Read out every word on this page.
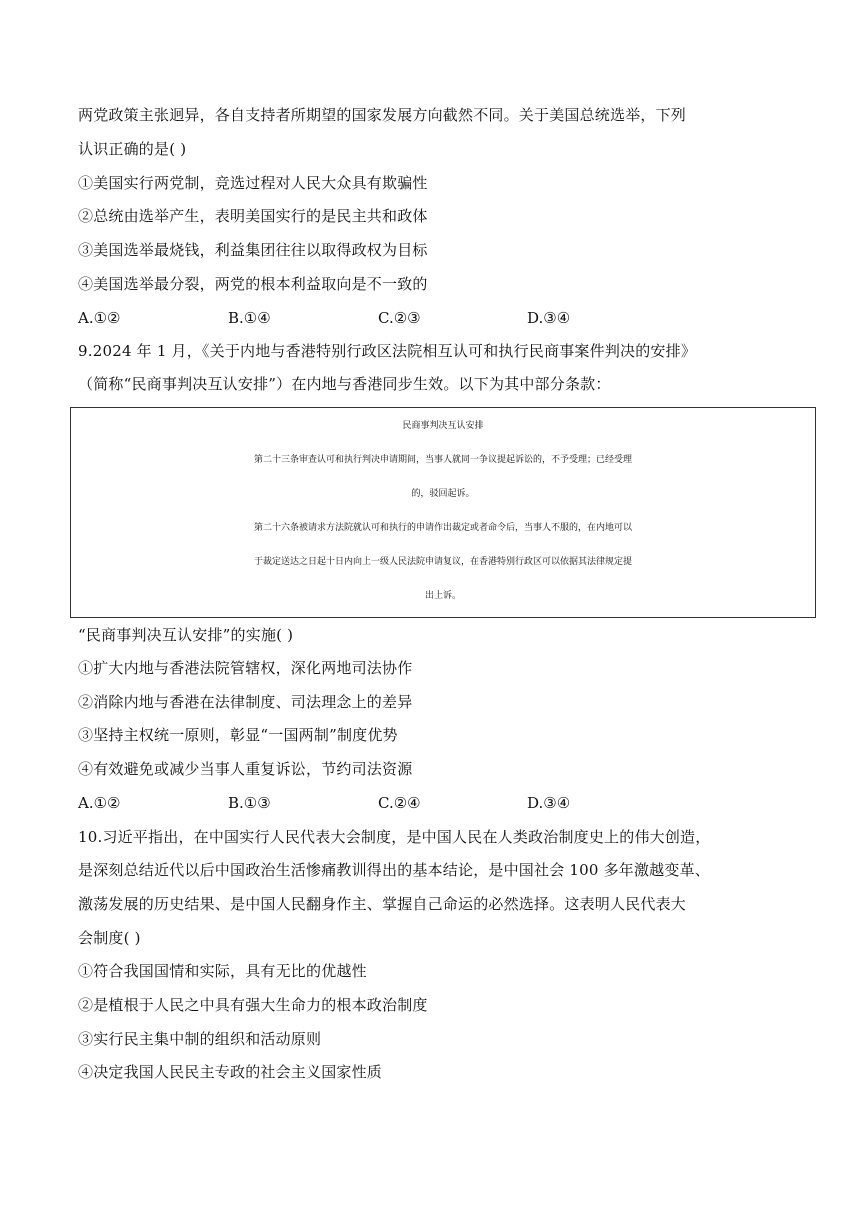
两党政策主张迥异，各自支持者所期望的国家发展方向截然不同。关于美国总统选举，下列
认识正确的是( )
①美国实行两党制，竞选过程对人民大众具有欺骗性
②总统由选举产生，表明美国实行的是民主共和政体
③美国选举最烧钱，利益集团往往以取得政权为目标
④美国选举最分裂，两党的根本利益取向是不一致的
A.①②	B.①④	C.②③	D.③④
9.2024 年 1 月，《关于内地与香港特别行政区法院相互认可和执行民商事案件判决的安排》
（简称“民商事判决互认安排”）在内地与香港同步生效。以下为其中部分条款：
民商事判决互认安排
第二十三条审查认可和执行判决申请期间，当事人就同一争议提起诉讼的，不予受理；已经受理
的，驳回起诉。
第二十六条被请求方法院就认可和执行的申请作出裁定或者命令后，当事人不服的，在内地可以
于裁定送达之日起十日内向上一级人民法院申请复议，在香港特别行政区可以依据其法律规定提
出上诉。
“民商事判决互认安排”的实施( )
①扩大内地与香港法院管辖权，深化两地司法协作
②消除内地与香港在法律制度、司法理念上的差异
③坚持主权统一原则，彰显“一国两制”制度优势
④有效避免或减少当事人重复诉讼，节约司法资源
A.①②	B.①③	C.②④	D.③④
10.习近平指出，在中国实行人民代表大会制度，是中国人民在人类政治制度史上的伟大创造，
是深刻总结近代以后中国政治生活惨痛教训得出的基本结论，是中国社会 100 多年激越变革、
激荡发展的历史结果、是中国人民翻身作主、掌握自己命运的必然选择。这表明人民代表大
会制度( )
①符合我国国情和实际，具有无比的优越性
②是植根于人民之中具有强大生命力的根本政治制度
③实行民主集中制的组织和活动原则
④决定我国人民民主专政的社会主义国家性质
